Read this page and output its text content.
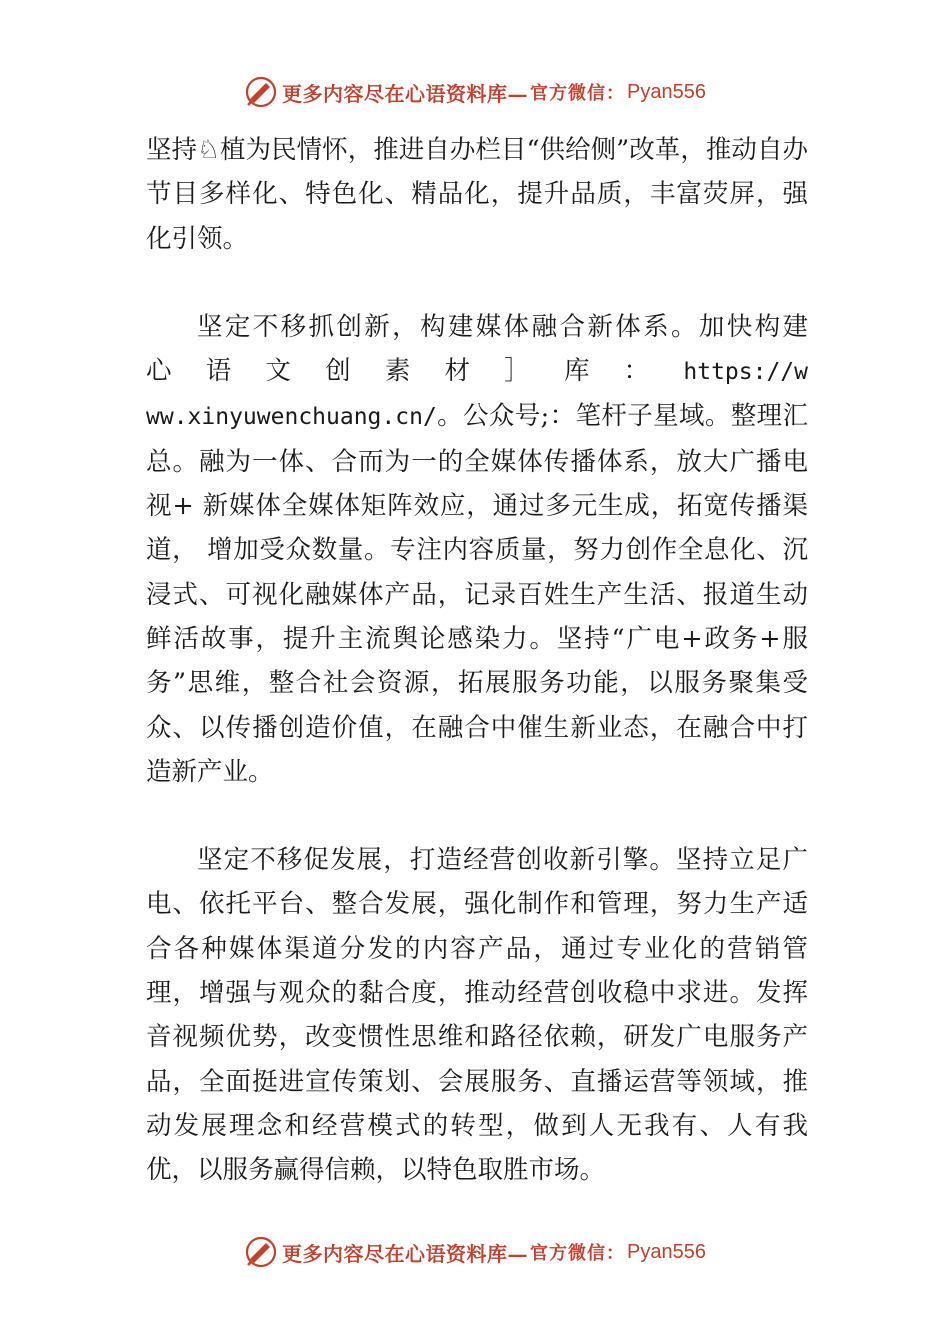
更多内容尽在心语资料库— 官方微信： Pyan556

坚持♘植为民情怀，推进自办栏目“供给侧”改革，推动自办节目多样化、特色化、精品化，提升品质，丰富荧屏，强化引领。

坚定不移抓创新，构建媒体融合新体系。加快构建心语文创素材］库：https://www.xinyuwenchuang.cn/。公众号;：笔杆子星域。整理汇总。融为一体、合而为一的全媒体传播体系，放大广播电视+ 新媒体全媒体矩阵效应，通过多元生成，拓宽传播渠道， 增加受众数量。专注内容质量，努力创作全息化、沉浸式、可视化融媒体产品，记录百姓生产生活、报道生动鲜活故事，提升主流舆论感染力。坚持“广电+政务+服务”思维，整合社会资源，拓展服务功能，以服务聚集受众、以传播创造价值，在融合中催生新业态，在融合中打造新产业。

坚定不移促发展，打造经营创收新引擎。坚持立足广电、依托平台、整合发展，强化制作和管理，努力生产适合各种媒体渠道分发的内容产品，通过专业化的营销管理，增强与观众的黏合度，推动经营创收稳中求进。发挥音视频优势，改变惯性思维和路径依赖，研发广电服务产品，全面挺进宣传策划、会展服务、直播运营等领域，推动发展理念和经营模式的转型，做到人无我有、人有我优，以服务赢得信赖，以特色取胜市场。

更多内容尽在心语资料库— 官方微信： Pyan556
